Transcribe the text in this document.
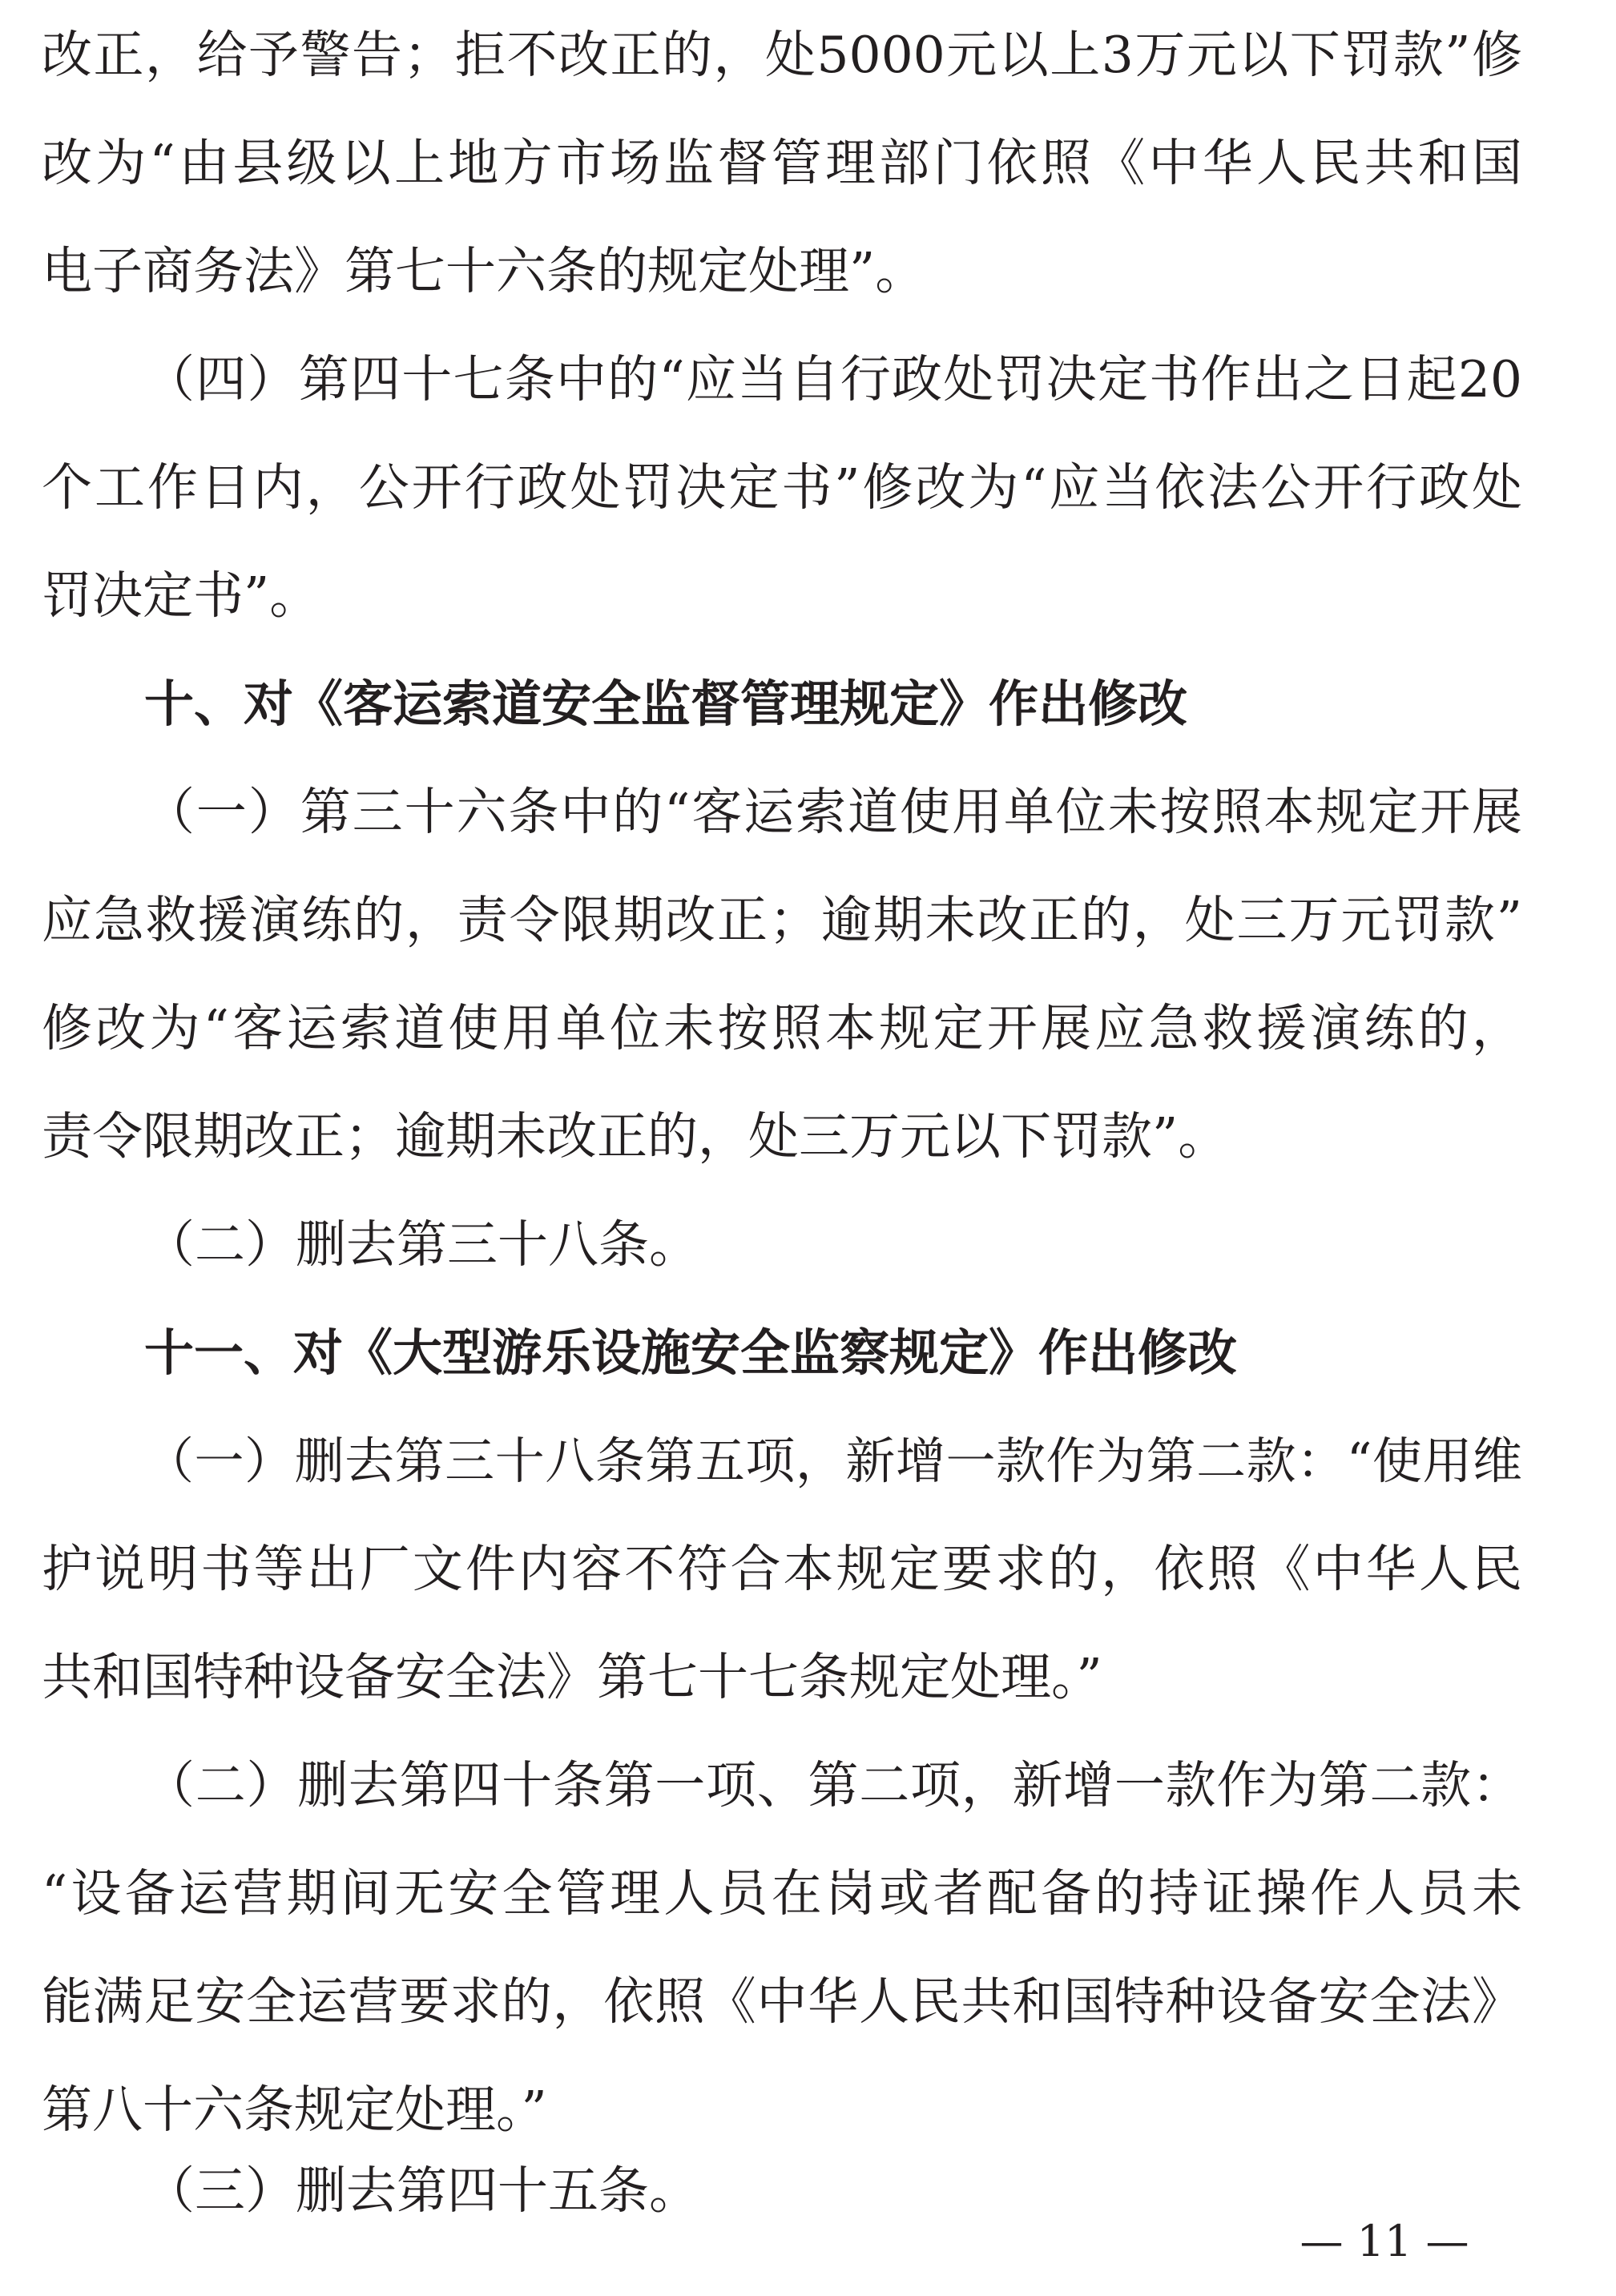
改正，给予警告；拒不改正的，处5000元以上3万元以下罚款”修
改为“由县级以上地方市场监督管理部门依照《中华人民共和国
电子商务法》第七十六条的规定处理”。
（四）第四十七条中的“应当自行政处罚决定书作出之日起20
个工作日内，公开行政处罚决定书”修改为“应当依法公开行政处
罚决定书”。
十、对《客运索道安全监督管理规定》作出修改
（一）第三十六条中的“客运索道使用单位未按照本规定开展
应急救援演练的，责令限期改正；逾期未改正的，处三万元罚款”
修改为“客运索道使用单位未按照本规定开展应急救援演练的，
责令限期改正；逾期未改正的，处三万元以下罚款”。
（二）删去第三十八条。
十一、对《大型游乐设施安全监察规定》作出修改
（一）删去第三十八条第五项，新增一款作为第二款：“使用维
护说明书等出厂文件内容不符合本规定要求的，依照《中华人民
共和国特种设备安全法》第七十七条规定处理。”
（二）删去第四十条第一项、第二项，新增一款作为第二款：
“设备运营期间无安全管理人员在岗或者配备的持证操作人员未
能满足安全运营要求的，依照《中华人民共和国特种设备安全法》
第八十六条规定处理。”
（三）删去第四十五条。
— 11 —
